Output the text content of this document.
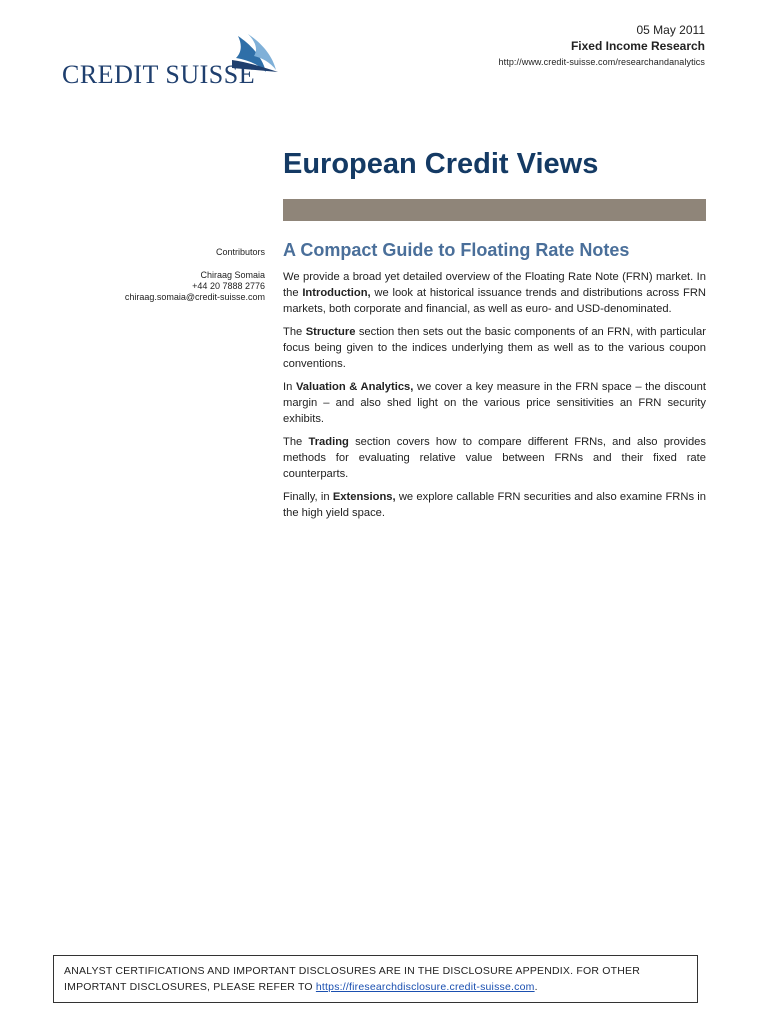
CREDIT SUISSE
05 May 2011
Fixed Income Research
http://www.credit-suisse.com/researchandanalytics
European Credit Views
Contributors
Chiraag Somaia
+44 20 7888 2776
chiraag.somaia@credit-suisse.com
A Compact Guide to Floating Rate Notes

We provide a broad yet detailed overview of the Floating Rate Note (FRN) market. In the Introduction, we look at historical issuance trends and distributions across FRN markets, both corporate and financial, as well as euro- and USD-denominated.

The Structure section then sets out the basic components of an FRN, with particular focus being given to the indices underlying them as well as to the various coupon conventions.

In Valuation & Analytics, we cover a key measure in the FRN space – the discount margin – and also shed light on the various price sensitivities an FRN security exhibits.

The Trading section covers how to compare different FRNs, and also provides methods for evaluating relative value between FRNs and their fixed rate counterparts.

Finally, in Extensions, we explore callable FRN securities and also examine FRNs in the high yield space.

ANALYST CERTIFICATIONS AND IMPORTANT DISCLOSURES ARE IN THE DISCLOSURE APPENDIX. FOR OTHER IMPORTANT DISCLOSURES, PLEASE REFER TO https://firesearchdisclosure.credit-suisse.com.
